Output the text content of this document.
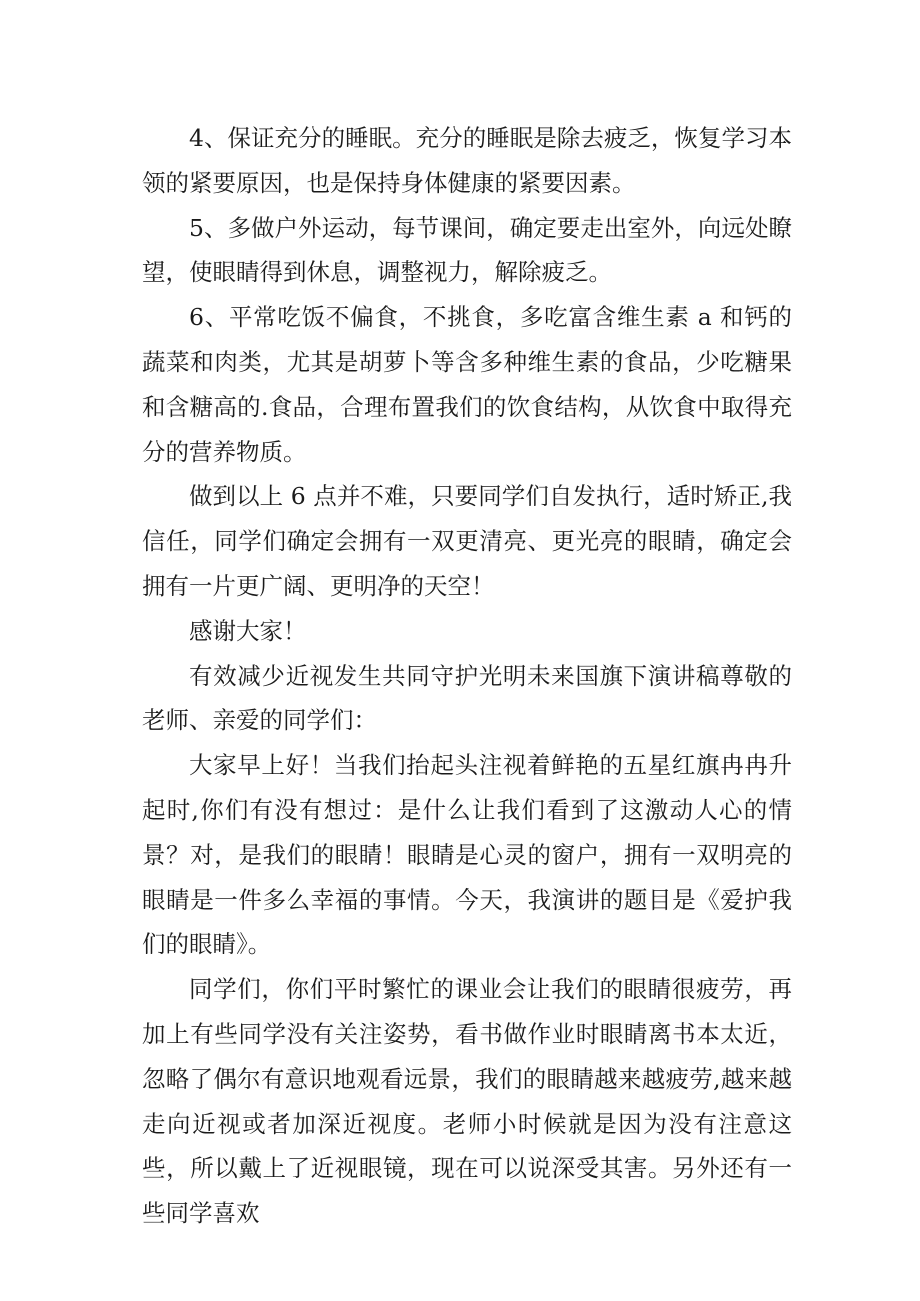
4、保证充分的睡眠。充分的睡眠是除去疲乏，恢复学习本领的紧要原因，也是保持身体健康的紧要因素。

5、多做户外运动，每节课间，确定要走出室外，向远处瞭望，使眼睛得到休息，调整视力，解除疲乏。

6、平常吃饭不偏食，不挑食，多吃富含维生素 a 和钙的蔬菜和肉类，尤其是胡萝卜等含多种维生素的食品，少吃糖果和含糖高的.食品，合理布置我们的饮食结构，从饮食中取得充分的营养物质。

做到以上 6 点并不难，只要同学们自发执行，适时矫正,我信任，同学们确定会拥有一双更清亮、更光亮的眼睛，确定会拥有一片更广阔、更明净的天空！

感谢大家！

有效减少近视发生共同守护光明未来国旗下演讲稿尊敬的老师、亲爱的同学们：

大家早上好！当我们抬起头注视着鲜艳的五星红旗冉冉升起时,你们有没有想过：是什么让我们看到了这激动人心的情景？对，是我们的眼睛！眼睛是心灵的窗户，拥有一双明亮的眼睛是一件多么幸福的事情。今天，我演讲的题目是《爱护我们的眼睛》。

同学们，你们平时繁忙的课业会让我们的眼睛很疲劳，再加上有些同学没有关注姿势，看书做作业时眼睛离书本太近，忽略了偶尔有意识地观看远景，我们的眼睛越来越疲劳,越来越走向近视或者加深近视度。老师小时候就是因为没有注意这些，所以戴上了近视眼镜，现在可以说深受其害。另外还有一些同学喜欢
